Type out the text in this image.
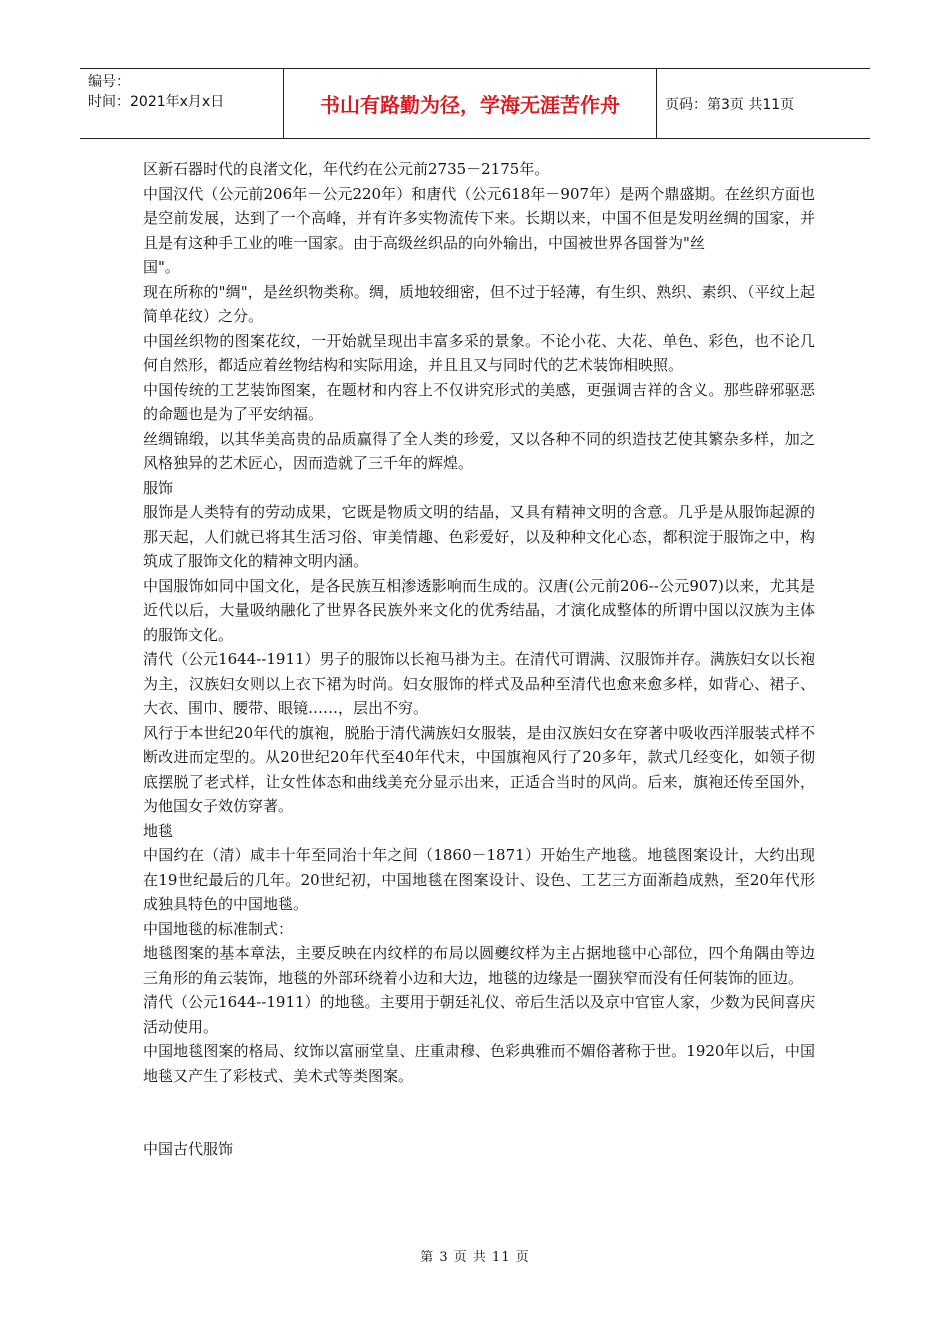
编号：
时间：2021年x月x日	书山有路勤为径，学海无涯苦作舟	页码：第3页 共11页

区新石器时代的良渚文化，年代约在公元前2735－2175年。

中国汉代（公元前206年－公元220年）和唐代（公元618年－907年）是两个鼎盛期。在丝织方面也是空前发展，达到了一个高峰，并有许多实物流传下来。长期以来，中国不但是发明丝绸的国家，并且是有这种手工业的唯一国家。由于高级丝织品的向外输出，中国被世界各国誉为"丝

国"。

现在所称的"绸"，是丝织物类称。绸，质地较细密，但不过于轻薄，有生织、熟织、素织、（平纹上起简单花纹）之分。

中国丝织物的图案花纹，一开始就呈现出丰富多采的景象。不论小花、大花、单色、彩色，也不论几何自然形，都适应着丝物结构和实际用途，并且且又与同时代的艺术装饰相映照。

中国传统的工艺装饰图案，在题材和内容上不仅讲究形式的美感，更强调吉祥的含义。那些辟邪驱恶的命题也是为了平安纳福。

丝绸锦缎，以其华美高贵的品质赢得了全人类的珍爱，又以各种不同的织造技艺使其繁杂多样，加之风格独异的艺术匠心，因而造就了三千年的辉煌。

服饰

服饰是人类特有的劳动成果，它既是物质文明的结晶，又具有精神文明的含意。几乎是从服饰起源的那天起，人们就已将其生活习俗、审美情趣、色彩爱好，以及种种文化心态，都积淀于服饰之中，构筑成了服饰文化的精神文明内涵。

中国服饰如同中国文化，是各民族互相渗透影响而生成的。汉唐(公元前206--公元907)以来，尤其是近代以后，大量吸纳融化了世界各民族外来文化的优秀结晶，才演化成整体的所谓中国以汉族为主体的服饰文化。

清代（公元1644--1911）男子的服饰以长袍马褂为主。在清代可谓满、汉服饰并存。满族妇女以长袍为主，汉族妇女则以上衣下裙为时尚。妇女服饰的样式及品种至清代也愈来愈多样，如背心、裙子、大衣、围巾、腰带、眼镜……，层出不穷。

风行于本世纪20年代的旗袍，脱胎于清代满族妇女服装，是由汉族妇女在穿著中吸收西洋服装式样不断改进而定型的。从20世纪20年代至40年代末，中国旗袍风行了20多年，款式几经变化，如领子彻底摆脱了老式样，让女性体态和曲线美充分显示出来，正适合当时的风尚。后来，旗袍还传至国外，为他国女子效仿穿著。

地毯

中国约在（清）咸丰十年至同治十年之间（1860－1871）开始生产地毯。地毯图案设计，大约出现在19世纪最后的几年。20世纪初，中国地毯在图案设计、设色、工艺三方面渐趋成熟，至20年代形成独具特色的中国地毯。

中国地毯的标准制式：

地毯图案的基本章法，主要反映在内纹样的布局以圆夔纹样为主占据地毯中心部位，四个角隅由等边三角形的角云装饰，地毯的外部环绕着小边和大边，地毯的边缘是一圈狭窄而没有任何装饰的匝边。

清代（公元1644--1911）的地毯。主要用于朝廷礼仪、帝后生活以及京中官宦人家，少数为民间喜庆活动使用。

中国地毯图案的格局、纹饰以富丽堂皇、庄重肃穆、色彩典雅而不媚俗著称于世。1920年以后，中国地毯又产生了彩枝式、美术式等类图案。

中国古代服饰

第 3 页 共 11 页
